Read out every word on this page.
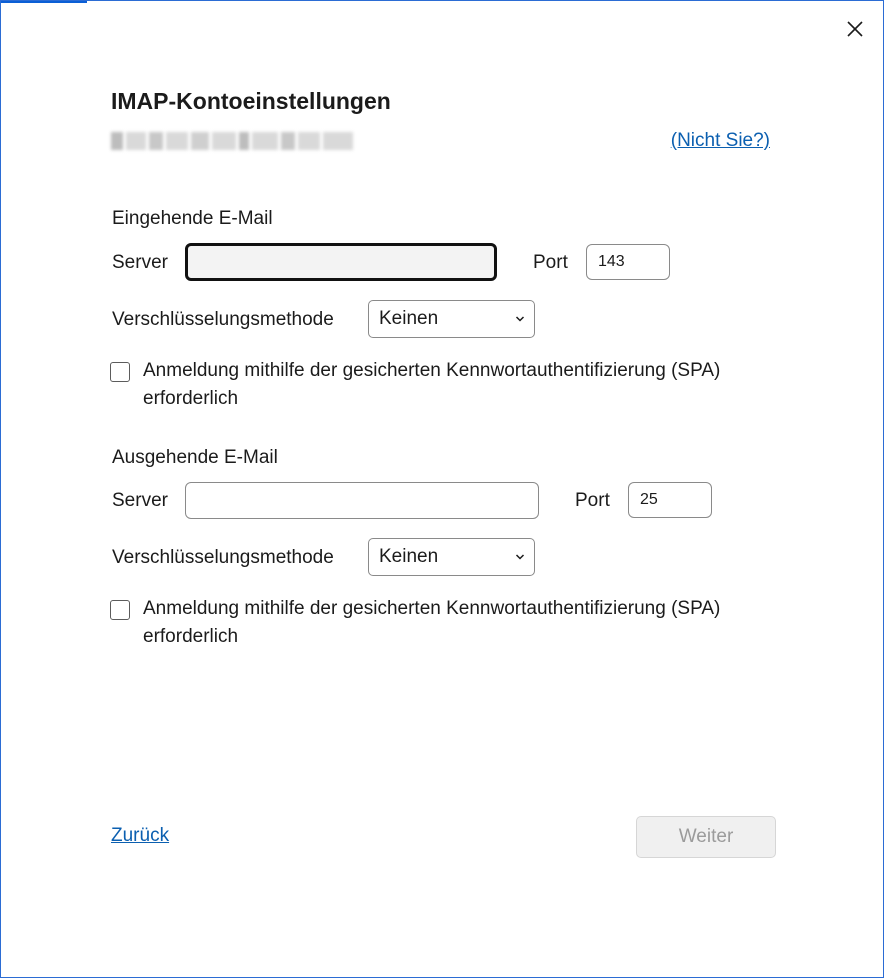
IMAP-Kontoeinstellungen
(Nicht Sie?)
Eingehende E-Mail
Server	Port	143
Verschlüsselungsmethode	Keinen
Anmeldung mithilfe der gesicherten Kennwortauthentifizierung (SPA) erforderlich
Ausgehende E-Mail
Server	Port	25
Verschlüsselungsmethode	Keinen
Anmeldung mithilfe der gesicherten Kennwortauthentifizierung (SPA) erforderlich
Zurück	Weiter
